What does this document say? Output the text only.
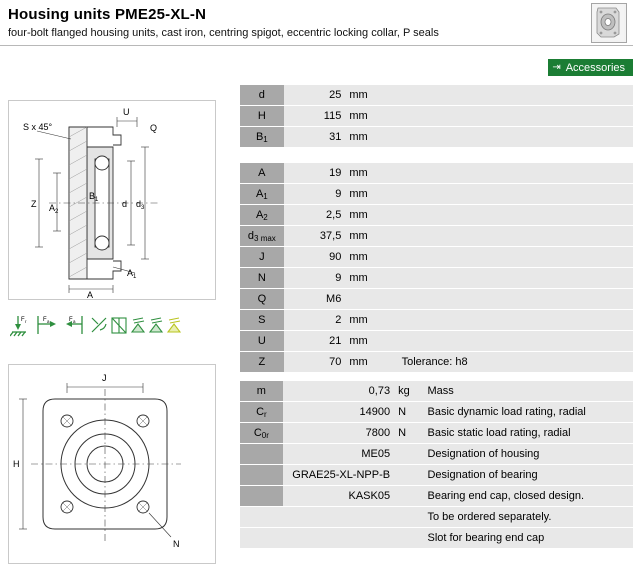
Housing units PME25-XL-N
four-bolt flanged housing units, cast iron, centring spigot, eccentric locking collar, P seals
⇥ Accessories
S x 45°
U
Q
$B_1$
Z $A_2$
d $d_3$
$A_1$
A
F r	F a	F a
J
H
N
d	25	mm
H	115	mm
$B_1$	31	mm
A	19	mm
$A_1$	9	mm
$A_2$	2,5	mm
$d_{3 max}$	37,5	mm
J	90	mm
N	9	mm
Q	M6	
S	2	mm
U	21	mm
Z	70	mm Tolerance: h8
m	0,73	kg	Mass
$C_r$	14900	N	Basic dynamic load rating, radial
$C_{0r}$	7800	N	Basic static load rating, radial
	ME05		Designation of housing
	GRAE25-XL-NPP-B		Designation of bearing
	KASK05		Bearing end cap, closed design.
			To be ordered separately.
			Slot for bearing end cap
